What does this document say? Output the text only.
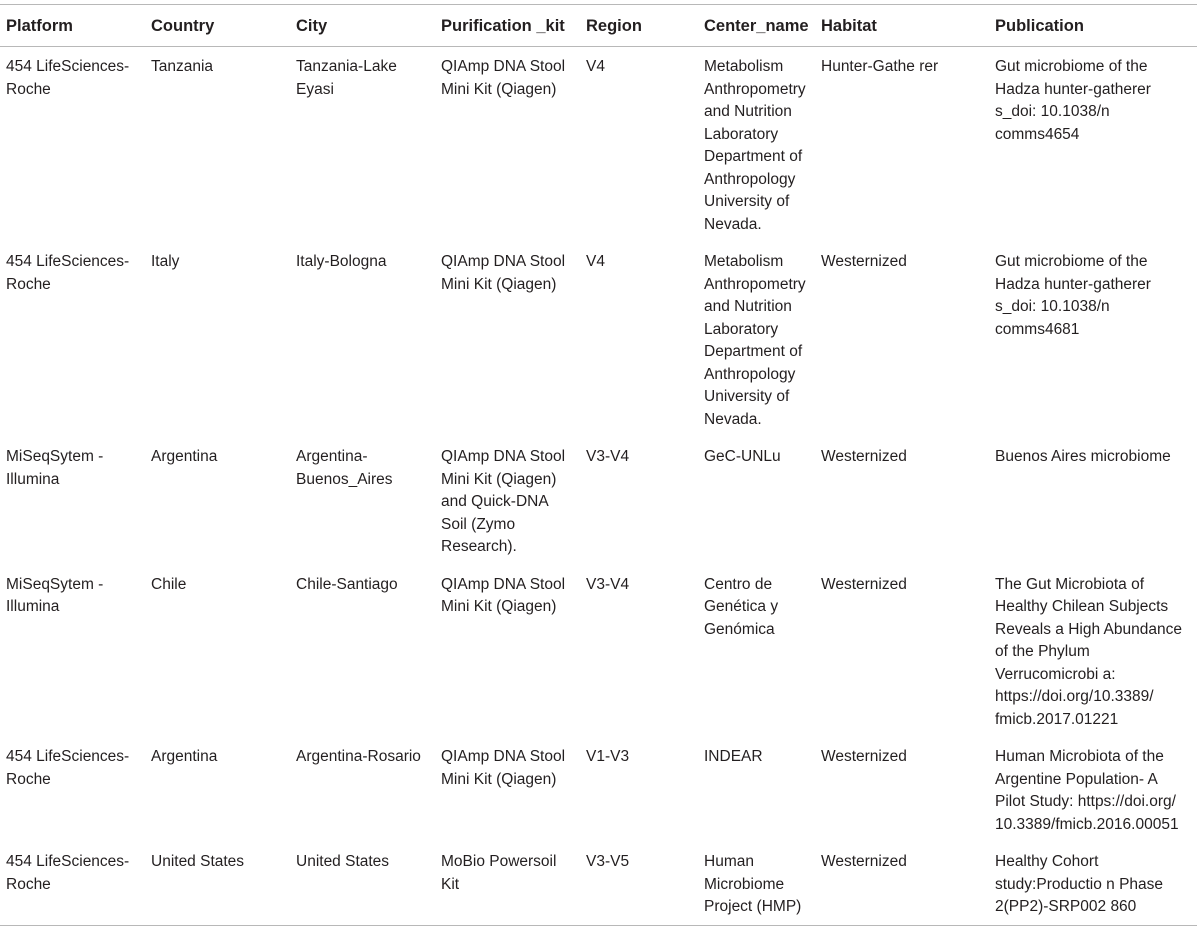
Platform	Country	City	Purification _kit	Region	Center_name	Habitat	Publication
454 LifeSciences-Roche	Tanzania	Tanzania-Lake Eyasi	QIAmp DNA Stool Mini Kit (Qiagen)	V4	Metabolism Anthropometry and Nutrition Laboratory Department of Anthropology University of Nevada.	Hunter-Gathe rer	Gut microbiome of the Hadza hunter-gatherer s_doi: 10.1038/n comms4654
454 LifeSciences-Roche	Italy	Italy-Bologna	QIAmp DNA Stool Mini Kit (Qiagen)	V4	Metabolism Anthropometry and Nutrition Laboratory Department of Anthropology University of Nevada.	Westernized	Gut microbiome of the Hadza hunter-gatherer s_doi: 10.1038/n comms4681
MiSeqSytem -Illumina	Argentina	Argentina-Buenos_Aires	QIAmp DNA Stool Mini Kit (Qiagen) and Quick-DNA Soil (Zymo Research).	V3-V4	GeC-UNLu	Westernized	Buenos Aires microbiome
MiSeqSytem -Illumina	Chile	Chile-Santiago	QIAmp DNA Stool Mini Kit (Qiagen)	V3-V4	Centro de Genética y Genómica	Westernized	The Gut Microbiota of Healthy Chilean Subjects Reveals a High Abundance of the Phylum Verrucomicrobi a: https://doi.org/10.3389/ fmicb.2017.01221
454 LifeSciences-Roche	Argentina	Argentina-Rosario	QIAmp DNA Stool Mini Kit (Qiagen)	V1-V3	INDEAR	Westernized	Human Microbiota of the Argentine Population- A Pilot Study: https://doi.org/ 10.3389/fmicb.2016.00051
454 LifeSciences-Roche	United States	United States	MoBio Powersoil Kit	V3-V5	Human Microbiome Project (HMP)	Westernized	Healthy Cohort study:Productio n Phase 2(PP2)-SRP002 860
